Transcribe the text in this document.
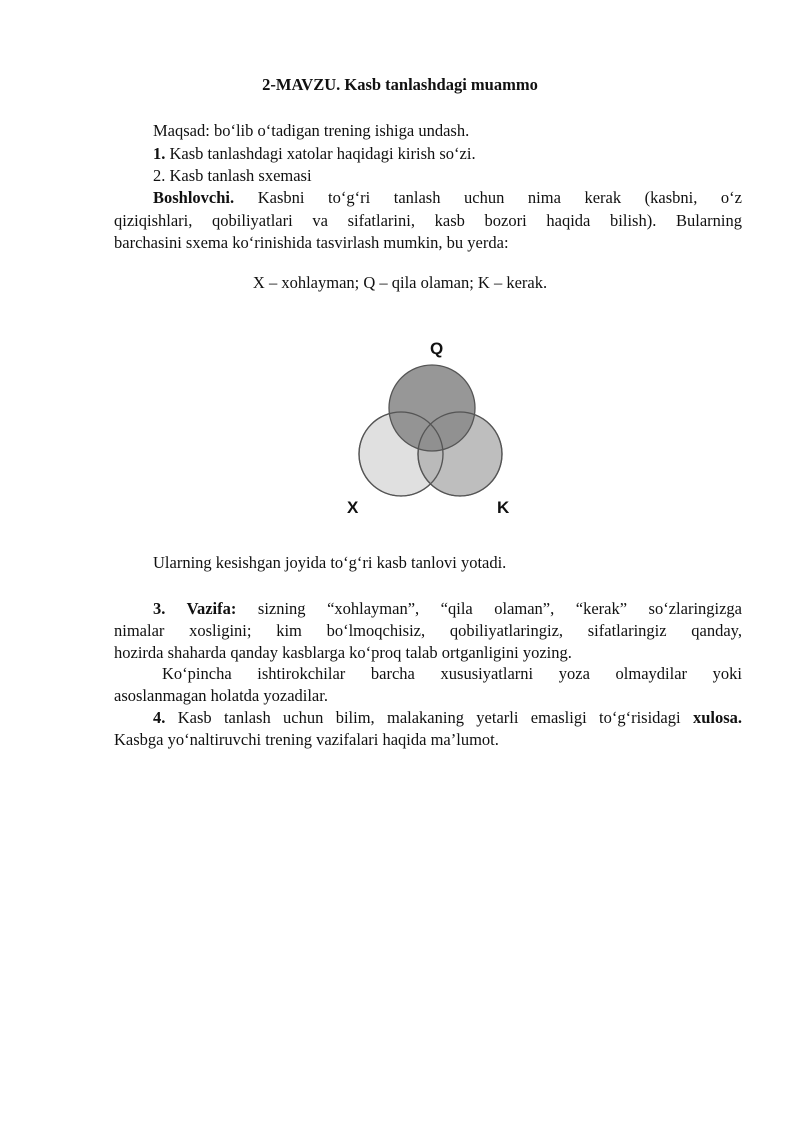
2-MAVZU. Kasb tanlashdagi muammo
Maqsad: bo‘lib o‘tadigan trening ishiga undash.
1. Kasb tanlashdagi xatolar haqidagi kirish so‘zi.
2. Kasb tanlash sxemasi
Boshlovchi. Kasbni to‘g‘ri tanlash uchun nima kerak (kasbni, o‘z
qiziqishlari, qobiliyatlari va sifatlarini, kasb bozori haqida bilish). Bularning
barchasini sxema ko‘rinishida tasvirlash mumkin, bu yerda:
X – xohlayman; Q – qila olaman; K – kerak.
Q
X	K
Ularning kesishgan joyida to‘g‘ri kasb tanlovi yotadi.
3. Vazifa: sizning “xohlayman”, “qila olaman”, “kerak” so‘zlaringizga
nimalar xosligini; kim bo‘lmoqchisiz, qobiliyatlaringiz, sifatlaringiz qanday,
hozirda shaharda qanday kasblarga ko‘proq talab ortganligini yozing.
Ko‘pincha ishtirokchilar barcha xususiyatlarni yoza olmaydilar yoki
asoslanmagan holatda yozadilar.
4. Kasb tanlash uchun bilim, malakaning yetarli emasligi to‘g‘risidagi xulosa.
Kasbga yo‘naltiruvchi trening vazifalari haqida ma’lumot.
